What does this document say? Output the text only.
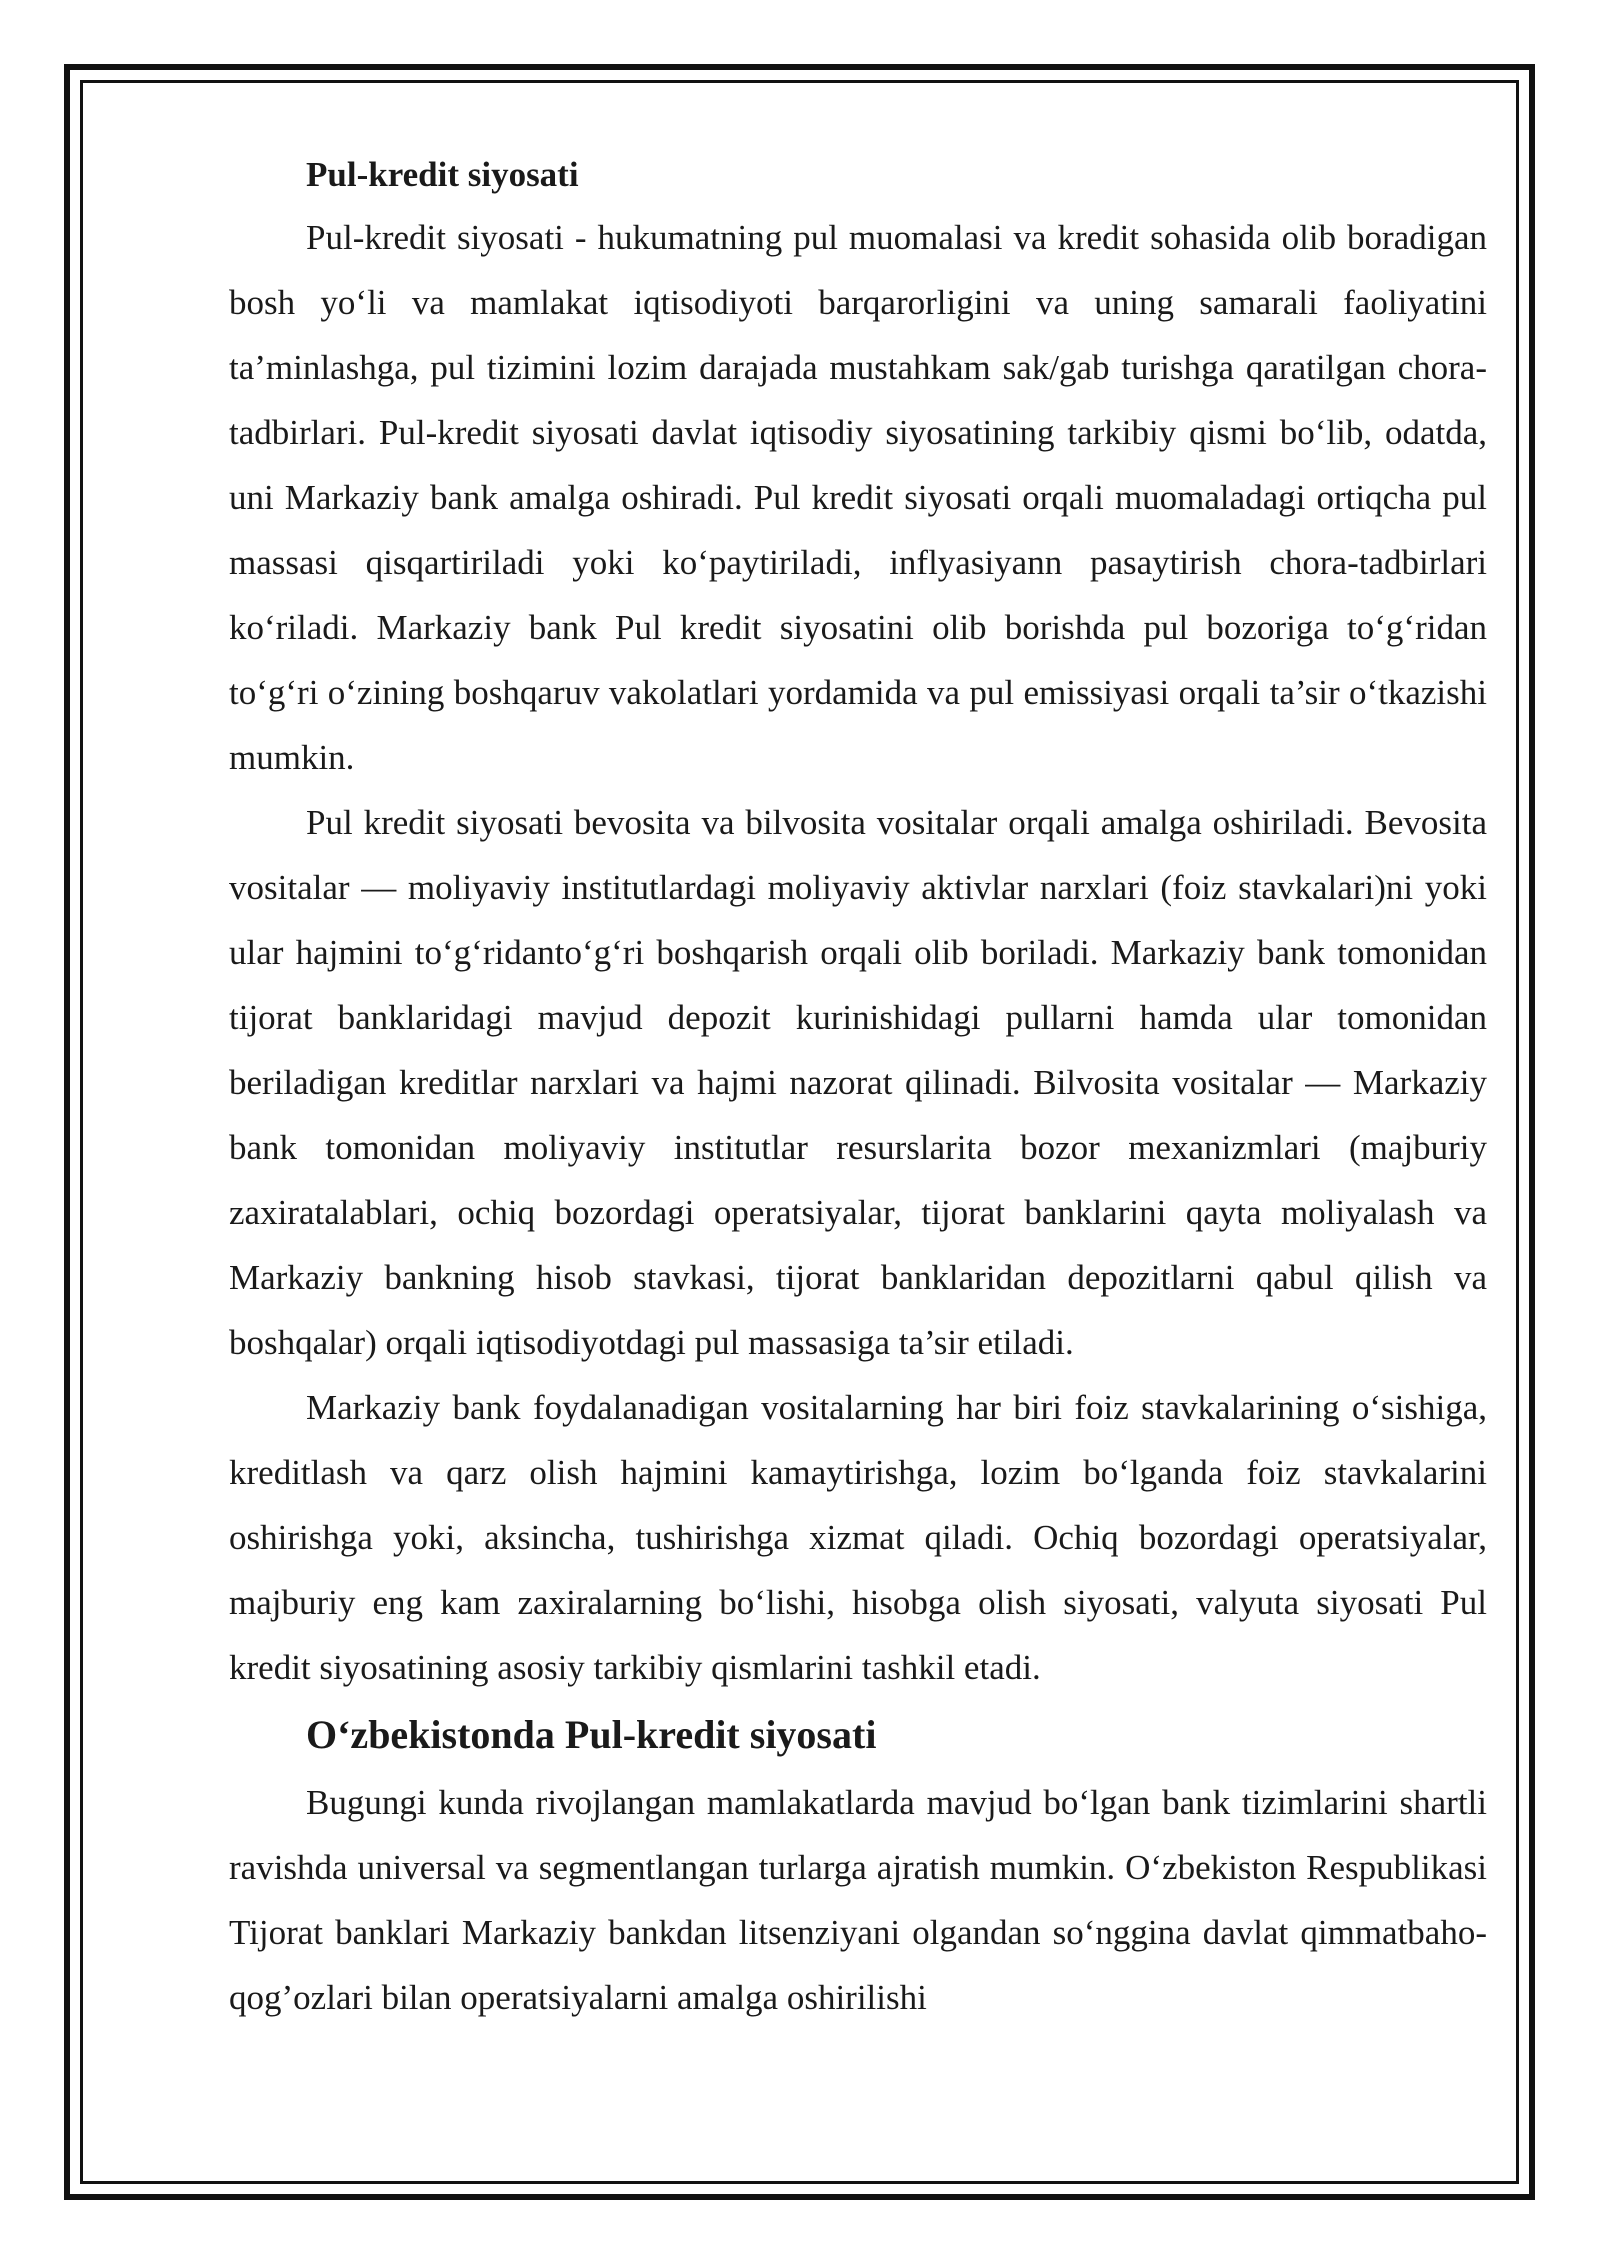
Pul-kredit siyosati

Pul-kredit siyosati - hukumatning pul muomalasi va kredit sohasida olib boradigan bosh yo‘li va mamlakat iqtisodiyoti barqarorligini va uning samarali faoliyatini ta’minlashga, pul tizimini lozim darajada mustahkam sak/gab turishga qaratilgan chora-tadbirlari. Pul-kredit siyosati davlat iqtisodiy siyosatining tarkibiy qismi bo‘lib, odatda, uni Markaziy bank amalga oshiradi. Pul kredit siyosati orqali muomaladagi ortiqcha pul massasi qisqartiriladi yoki ko‘paytiriladi, inflyasiyann pasaytirish chora-tadbirlari ko‘riladi. Markaziy bank Pul kredit siyosatini olib borishda pul bozoriga to‘g‘ridan to‘g‘ri o‘zining boshqaruv vakolatlari yordamida va pul emissiyasi orqali ta’sir o‘tkazishi mumkin.

Pul kredit siyosati bevosita va bilvosita vositalar orqali amalga oshiriladi. Bevosita vositalar — moliyaviy institutlardagi moliyaviy aktivlar narxlari (foiz stavkalari)ni yoki ular hajmini to‘g‘ridanto‘g‘ri boshqarish orqali olib boriladi. Markaziy bank tomonidan tijorat banklaridagi mavjud depozit kurinishidagi pullarni hamda ular tomonidan beriladigan kreditlar narxlari va hajmi nazorat qilinadi. Bilvosita vositalar — Markaziy bank tomonidan moliyaviy institutlar resurslarita bozor mexanizmlari (majburiy zaxiratalablari, ochiq bozordagi operatsiyalar, tijorat banklarini qayta moliyalash va Markaziy bankning hisob stavkasi, tijorat banklaridan depozitlarni qabul qilish va boshqalar) orqali iqtisodiyotdagi pul massasiga ta’sir etiladi.

Markaziy bank foydalanadigan vositalarning har biri foiz stavkalarining o‘sishiga, kreditlash va qarz olish hajmini kamaytirishga, lozim bo‘lganda foiz stavkalarini oshirishga yoki, aksincha, tushirishga xizmat qiladi. Ochiq bozordagi operatsiyalar, majburiy eng kam zaxiralarning bo‘lishi, hisobga olish siyosati, valyuta siyosati Pul kredit siyosatining asosiy tarkibiy qismlarini tashkil etadi.

O‘zbekistonda Pul-kredit siyosati

Bugungi kunda rivojlangan mamlakatlarda mavjud bo‘lgan bank tizimlarini shartli ravishda universal va segmentlangan turlarga ajratish mumkin. O‘zbekiston Respublikasi Tijorat banklari Markaziy bankdan litsenziyani olgandan so‘nggina davlat qimmatbaho-qog’ozlari bilan operatsiyalarni amalga oshirilishi
